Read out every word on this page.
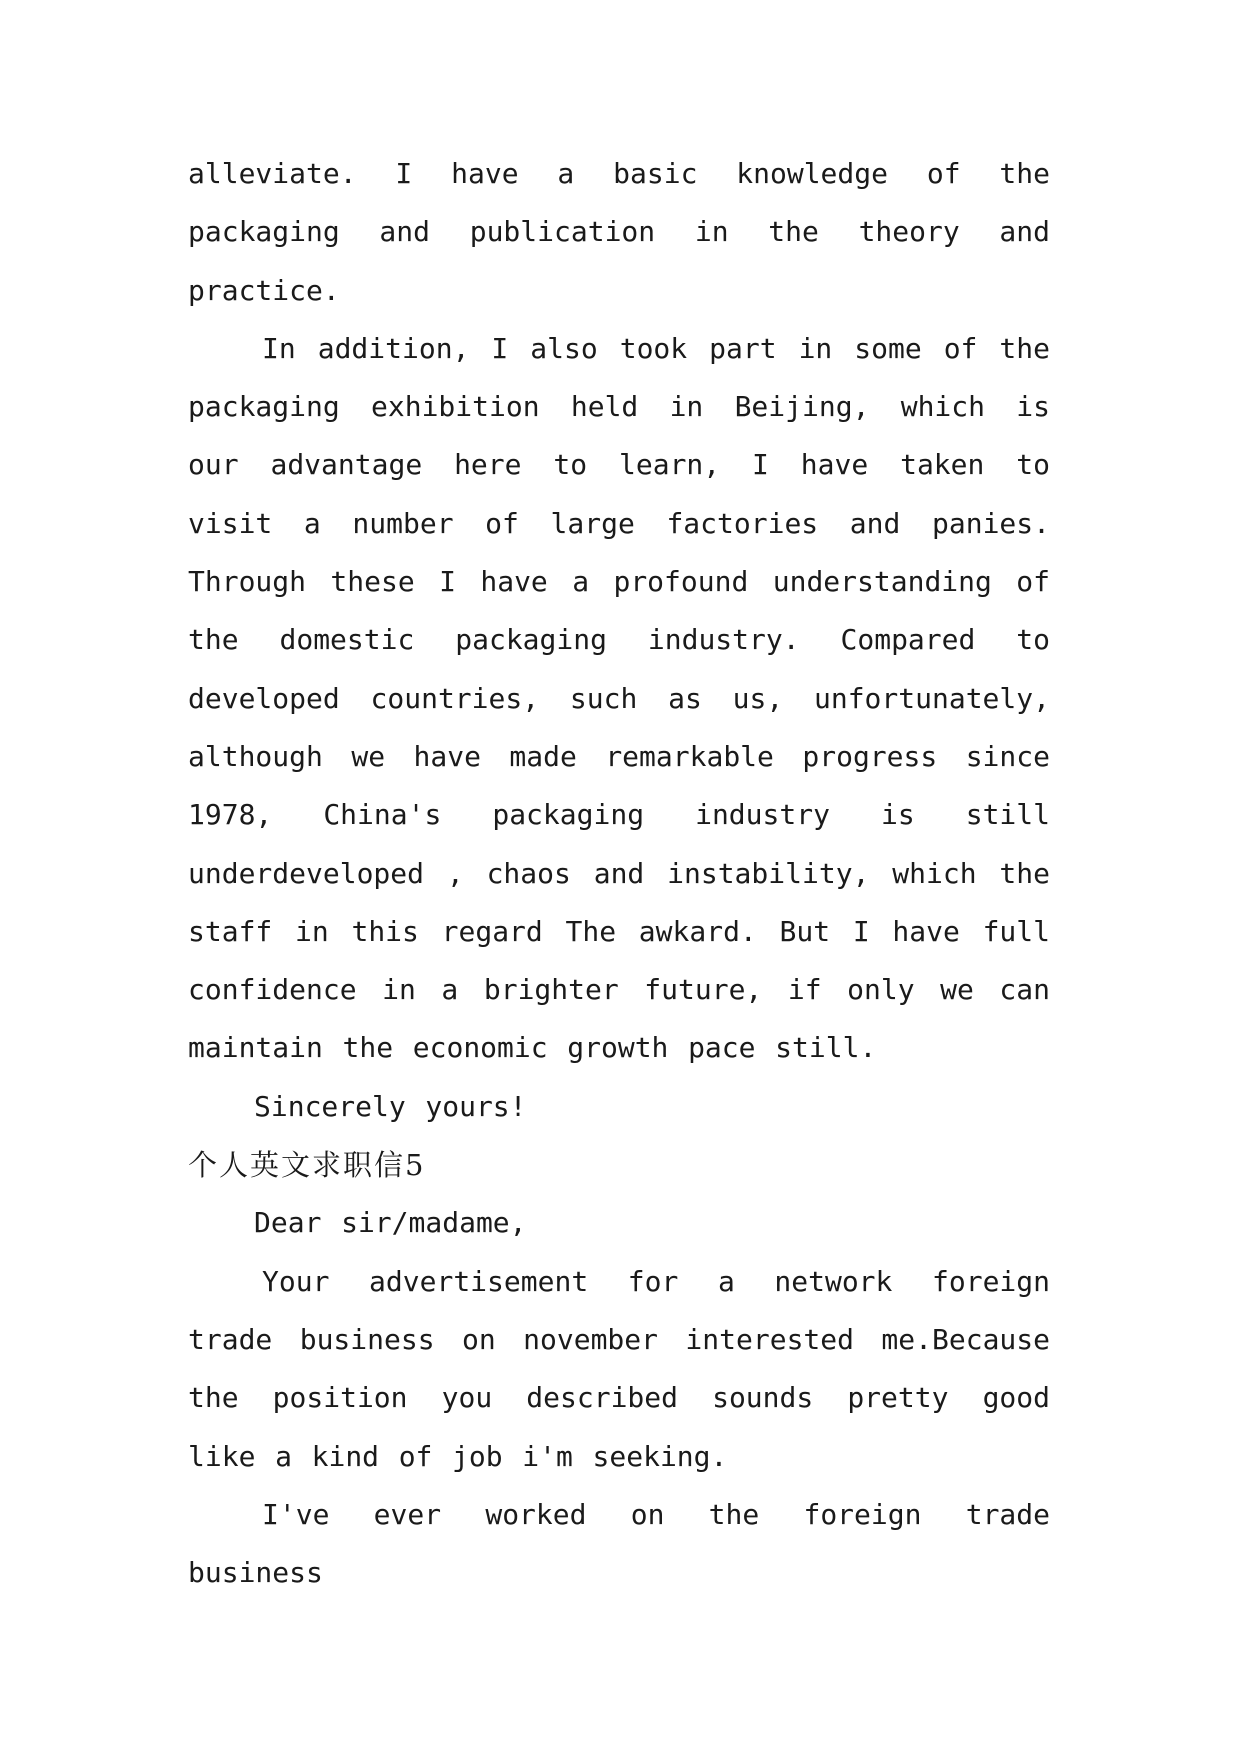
alleviate. I have a basic knowledge of the packaging and publication in the theory and practice.

In addition, I also took part in some of the packaging exhibition held in Beijing, which is our advantage here to learn, I have taken to visit a number of large factories and panies. Through these I have a profound understanding of the domestic packaging industry. Compared to developed countries, such as us, unfortunately, although we have made remarkable progress since 1978, China's packaging industry is still underdeveloped , chaos and instability, which the staff in this regard The awkard. But I have full confidence in a brighter future, if only we can maintain the economic growth pace still.

Sincerely yours!

个人英文求职信5

Dear sir/madame,

Your advertisement for a network foreign trade business on november interested me.Because the position you described sounds pretty good like a kind of job i'm seeking.

I've ever worked on the foreign trade business
